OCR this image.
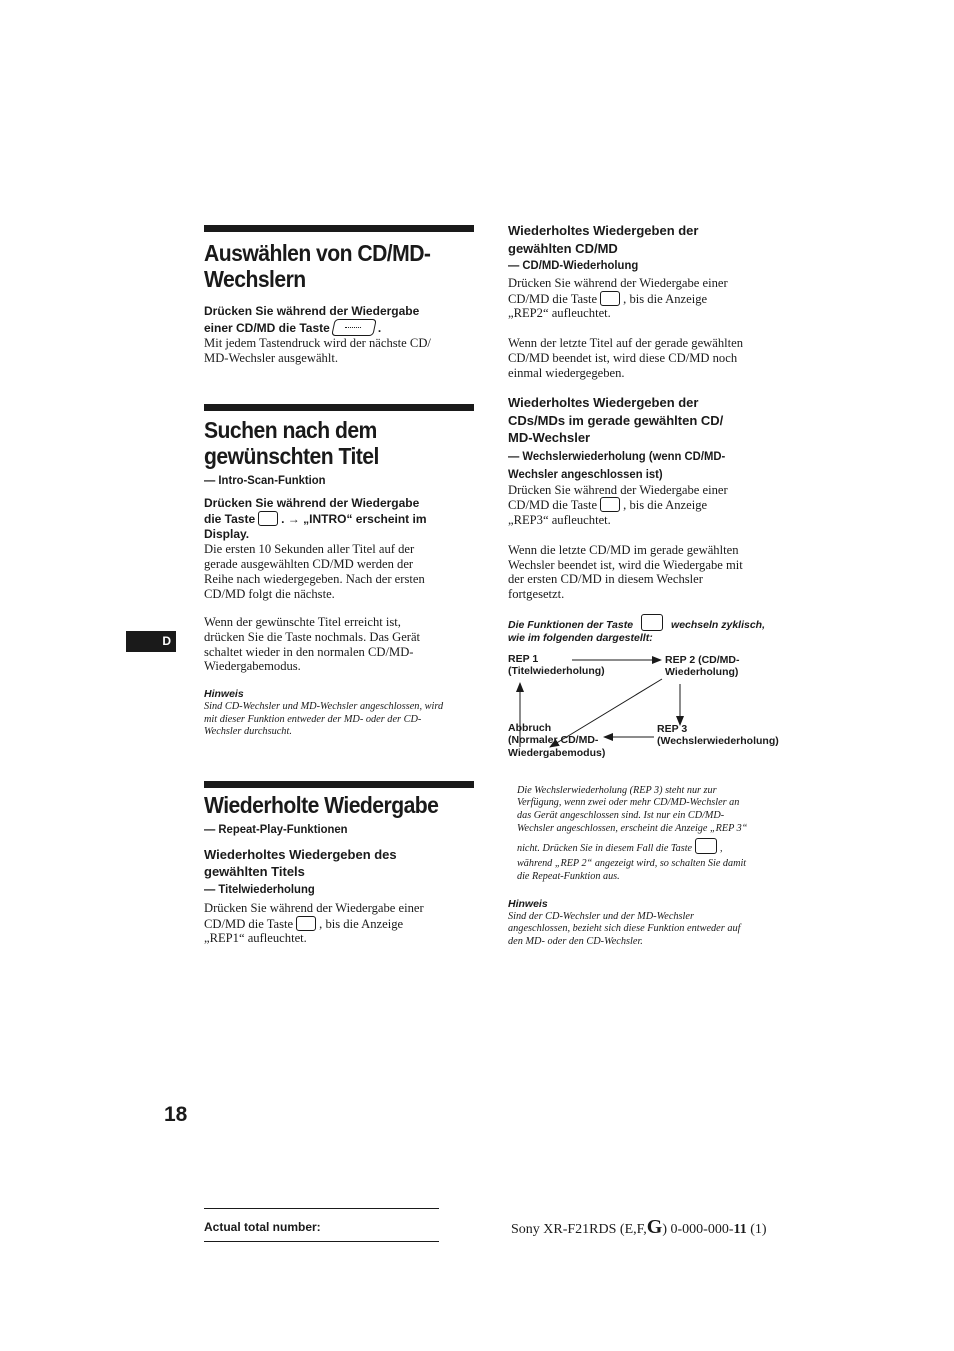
D
18
Auswählen von CD/MD-
Wechslern
Drücken Sie während der Wiedergabe
einer CD/MD die Taste	.
Mit jedem Tastendruck wird der nächste CD/
MD-Wechsler ausgewählt.
Suchen nach dem
gewünschten Titel
— Intro-Scan-Funktion
Drücken Sie während der Wiedergabe
die Taste . → „INTRO“ erscheint im
Display.
Die ersten 10 Sekunden aller Titel auf der
gerade ausgewählten CD/MD werden der
Reihe nach wiedergegeben. Nach der ersten
CD/MD folgt die nächste.
Wenn der gewünschte Titel erreicht ist,
drücken Sie die Taste nochmals. Das Gerät
schaltet wieder in den normalen CD/MD-
Wiedergabemodus.
Hinweis
Sind CD-Wechsler und MD-Wechsler angeschlossen, wird
mit dieser Funktion entweder der MD- oder der CD-
Wechsler durchsucht.
Wiederholte Wiedergabe
— Repeat-Play-Funktionen
Wiederholtes Wiedergeben des
gewählten Titels
— Titelwiederholung
Drücken Sie während der Wiedergabe einer
CD/MD die Taste , bis die Anzeige
„REP1“ aufleuchtet.
Wiederholtes Wiedergeben der
gewählten CD/MD
— CD/MD-Wiederholung
Drücken Sie während der Wiedergabe einer
CD/MD die Taste , bis die Anzeige
„REP2“ aufleuchtet.
Wenn der letzte Titel auf der gerade gewählten
CD/MD beendet ist, wird diese CD/MD noch
einmal wiedergegeben.
Wiederholtes Wiedergeben der
CDs/MDs im gerade gewählten CD/
MD-Wechsler
— Wechslerwiederholung (wenn CD/MD-
Wechsler angeschlossen ist)
Drücken Sie während der Wiedergabe einer
CD/MD die Taste , bis die Anzeige
„REP3“ aufleuchtet.
Wenn die letzte CD/MD im gerade gewählten
Wechsler beendet ist, wird die Wiedergabe mit
der ersten CD/MD in diesem Wechsler
fortgesetzt.
Die Funktionen der Taste	wechseln zyklisch,
wie im folgenden dargestellt:
REP 1
(Titelwiederholung)
REP 2 (CD/MD-
Wiederholung)
REP 3
(Wechslerwiederholung)
Abbruch
(Normaler CD/MD-
Wiedergabemodus)
Die Wechslerwiederholung (REP 3) steht nur zur
Verfügung, wenn zwei oder mehr CD/MD-Wechsler an
das Gerät angeschlossen sind. Ist nur ein CD/MD-
Wechsler angeschlossen, erscheint die Anzeige „REP 3“
nicht. Drücken Sie in diesem Fall die Taste	,
während „REP 2“ angezeigt wird, so schalten Sie damit
die Repeat-Funktion aus.
Hinweis
Sind der CD-Wechsler und der MD-Wechsler
angeschlossen, bezieht sich diese Funktion entweder auf
den MD- oder den CD-Wechsler.
Actual total number:	Sony XR-F21RDS (E,F,G) 0-000-000-11 (1)
